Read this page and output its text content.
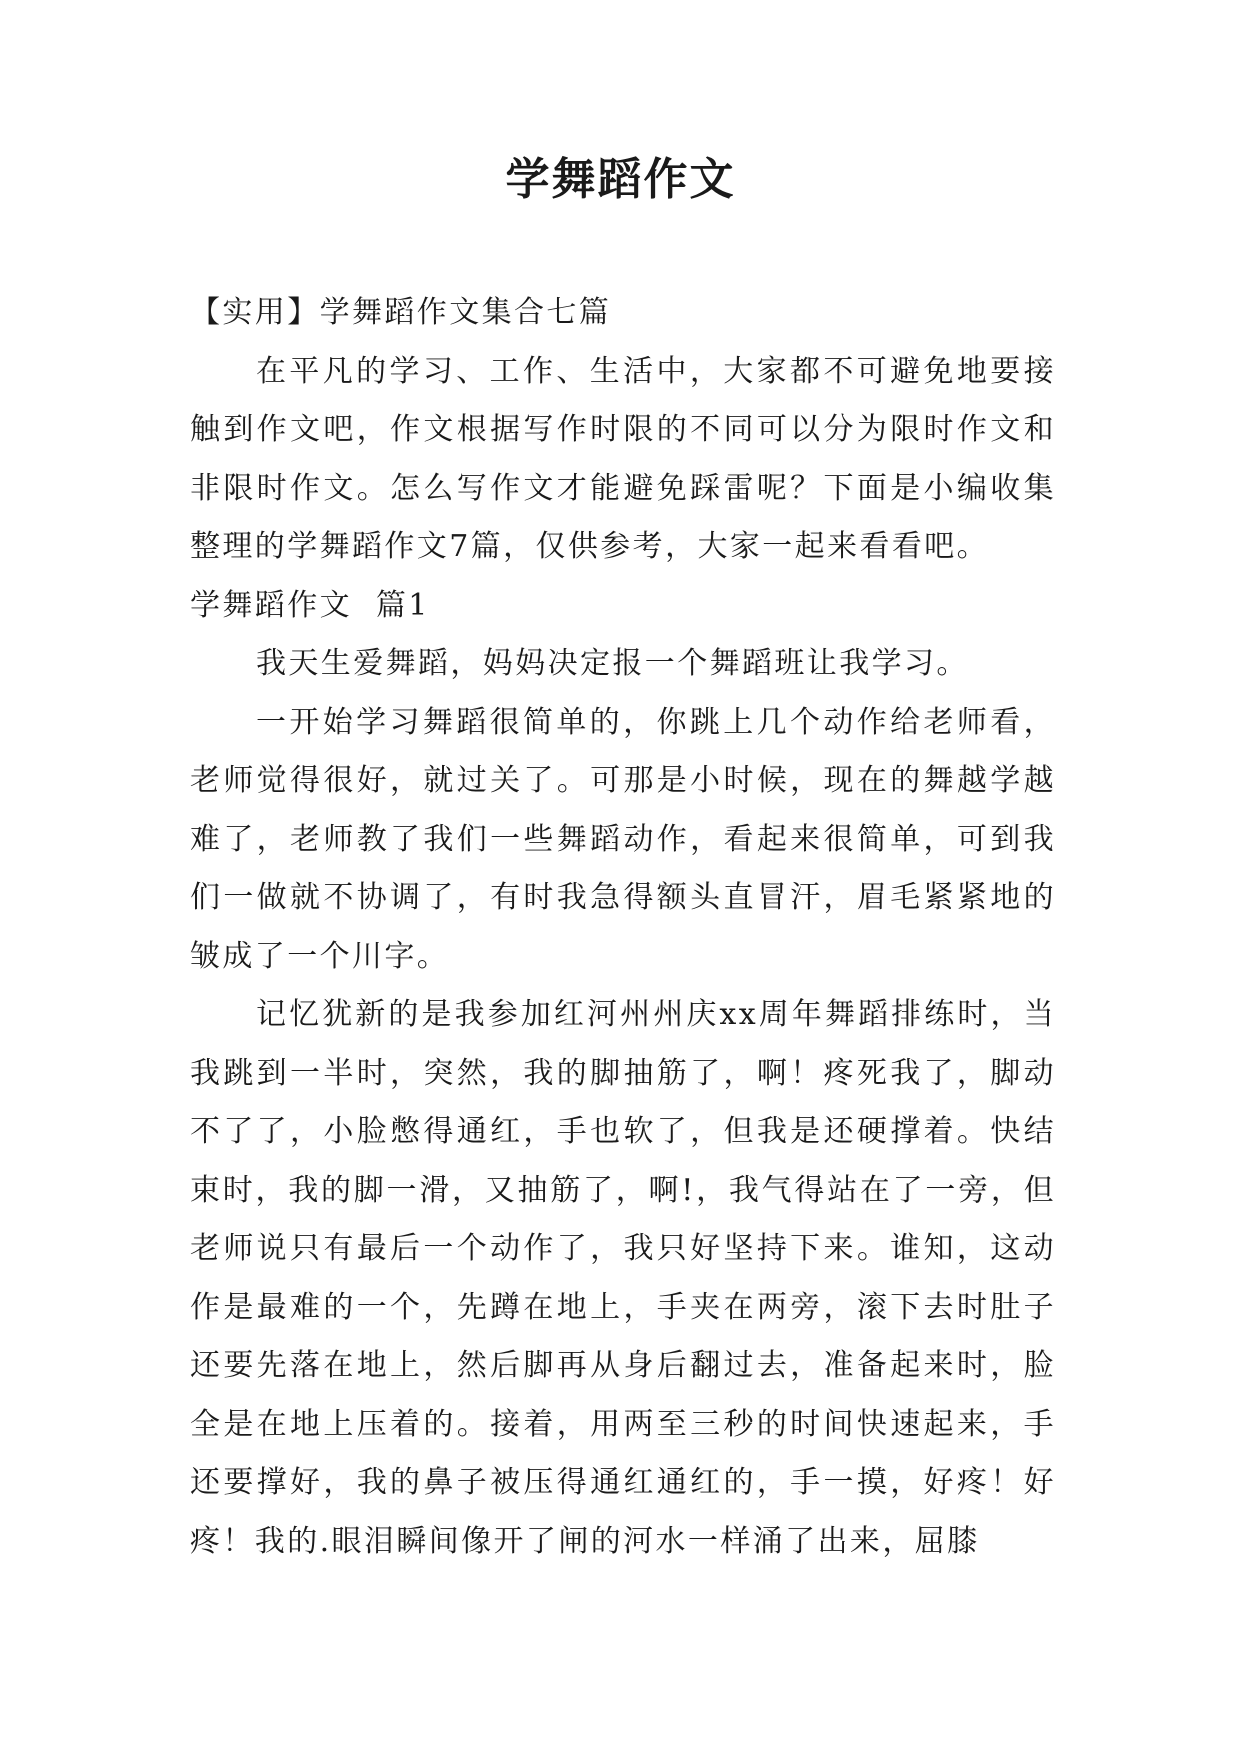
学舞蹈作文

【实用】学舞蹈作文集合七篇

在平凡的学习、工作、生活中，大家都不可避免地要接触到作文吧，作文根据写作时限的不同可以分为限时作文和非限时作文。怎么写作文才能避免踩雷呢？下面是小编收集整理的学舞蹈作文7篇，仅供参考，大家一起来看看吧。

学舞蹈作文  篇1

我天生爱舞蹈，妈妈决定报一个舞蹈班让我学习。

一开始学习舞蹈很简单的，你跳上几个动作给老师看，老师觉得很好，就过关了。可那是小时候，现在的舞越学越难了，老师教了我们一些舞蹈动作，看起来很简单，可到我们一做就不协调了，有时我急得额头直冒汗，眉毛紧紧地的皱成了一个川字。

记忆犹新的是我参加红河州州庆xx周年舞蹈排练时，当我跳到一半时，突然，我的脚抽筋了，啊！疼死我了，脚动不了了，小脸憋得通红，手也软了，但我是还硬撑着。快结束时，我的脚一滑，又抽筋了，啊!，我气得站在了一旁，但老师说只有最后一个动作了，我只好坚持下来。谁知，这动作是最难的一个，先蹲在地上，手夹在两旁，滚下去时肚子还要先落在地上，然后脚再从身后翻过去，准备起来时，脸全是在地上压着的。接着，用两至三秒的时间快速起来，手还要撑好，我的鼻子被压得通红通红的，手一摸，好疼！好疼！我的.眼泪瞬间像开了闸的河水一样涌了出来，屈膝
